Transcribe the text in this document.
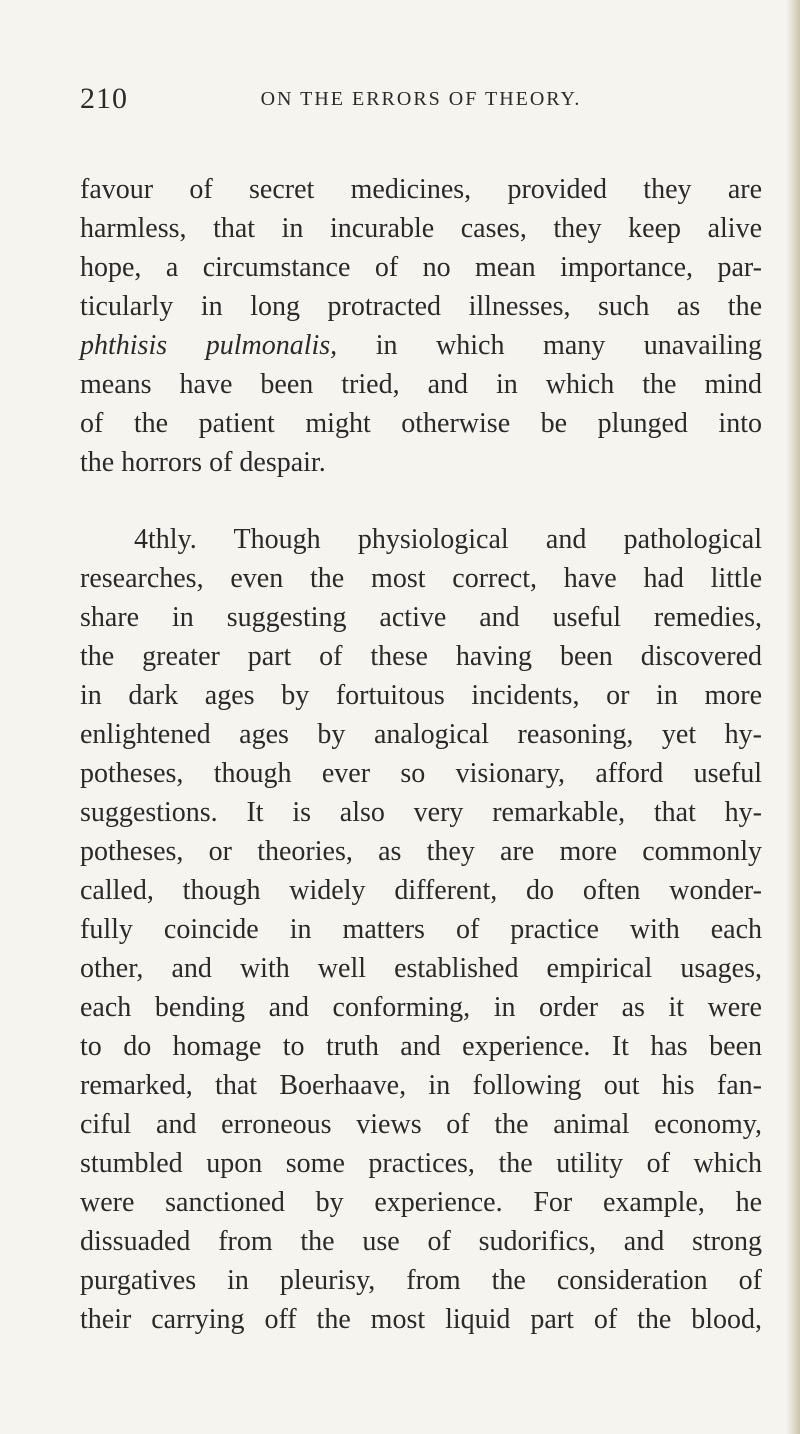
210	ON THE ERRORS OF THEORY.

favour of secret medicines, provided they are
harmless, that in incurable cases, they keep alive
hope, a circumstance of no mean importance, par-
ticularly in long protracted illnesses, such as the
phthisis pulmonalis, in which many unavailing
means have been tried, and in which the mind
of the patient might otherwise be plunged into
the horrors of despair.

4thly. Though physiological and pathological
researches, even the most correct, have had little
share in suggesting active and useful remedies,
the greater part of these having been discovered
in dark ages by fortuitous incidents, or in more
enlightened ages by analogical reasoning, yet hy-
potheses, though ever so visionary, afford useful
suggestions. It is also very remarkable, that hy-
potheses, or theories, as they are more commonly
called, though widely different, do often wonder-
fully coincide in matters of practice with each
other, and with well established empirical usages,
each bending and conforming, in order as it were
to do homage to truth and experience. It has been
remarked, that Boerhaave, in following out his fan-
ciful and erroneous views of the animal economy,
stumbled upon some practices, the utility of which
were sanctioned by experience. For example, he
dissuaded from the use of sudorifics, and strong
purgatives in pleurisy, from the consideration of
their carrying off the most liquid part of the blood,
